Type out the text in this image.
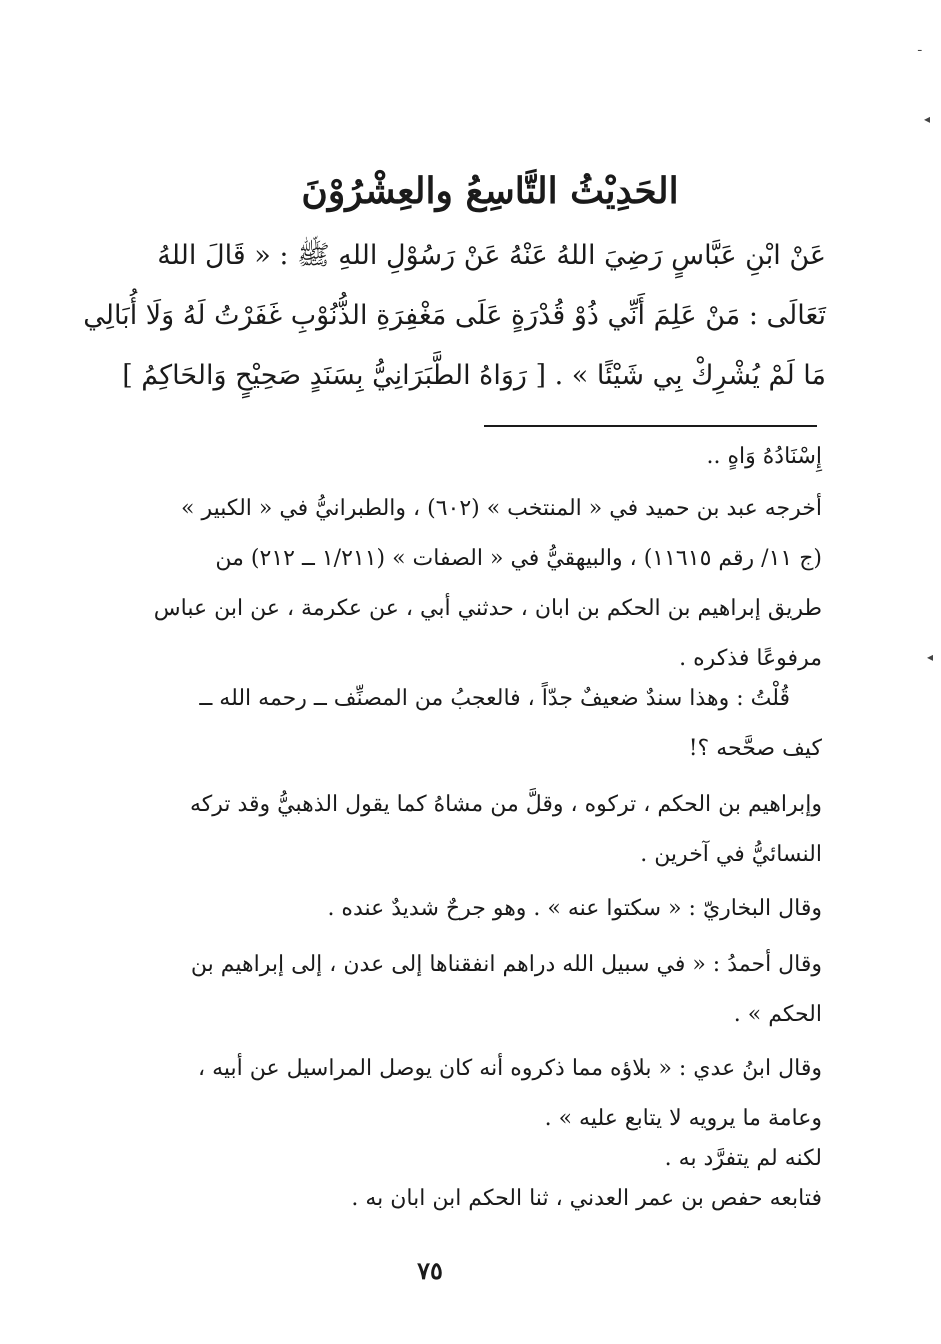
ـ
◂
◂
الحَدِيْثُ التَّاسِعُ والعِشْرُوْنَ
عَنْ ابْنِ عَبَّاسٍ رَضِيَ اللهُ عَنْهُ عَنْ رَسُوْلِ اللهِ ﷺ : « قَالَ اللهُ
تَعَالَى : مَنْ عَلِمَ أَنِّي ذُوْ قُدْرَةٍ عَلَى مَغْفِرَةِ الذُّنُوْبِ غَفَرْتُ لَهُ وَلَا أُبَالِي
مَا لَمْ يُشْرِكْ بِي شَيْئًا » . [ رَوَاهُ الطَّبَرَانِيُّ بِسَنَدٍ صَحِيْحٍ وَالحَاكِمُ ]
إِسْنَادُهُ وَاهٍ ..
أخرجه عبد بن حميد في « المنتخب » (٦٠٢) ، والطبرانيُّ في « الكبير »
(ج ١١/ رقم ١١٦١٥) ، والبيهقيُّ في « الصفات » (١/٢١١ ــ ٢١٢) من
طريق إبراهيم بن الحكم بن ابان ، حدثني أبي ، عن عكرمة ، عن ابن عباس
مرفوعًا فذكره .
قُلْتُ : وهذا سندٌ ضعيفٌ جدّاً ، فالعجبُ من المصنِّف ــ رحمه الله ــ
كيف صحَّحه ؟!
وإبراهيم بن الحكم ، تركوه ، وقلَّ من مشاهُ كما يقول الذهبيُّ وقد تركه
النسائيُّ في آخرين .
وقال البخاريّ : « سكتوا عنه » . وهو جرحٌ شديدٌ عنده .
وقال أحمدُ : « في سبيل الله دراهم انفقناها إلى عدن ، إلى إبراهيم بن
الحكم » .
وقال ابنُ عدي : « بلاؤه مما ذكروه أنه كان يوصل المراسيل عن أبيه ،
وعامة ما يرويه لا يتابع عليه » .
لكنه لم يتفرَّد به .
فتابعه حفص بن عمر العدني ، ثنا الحكم ابن ابان به .
٧٥
